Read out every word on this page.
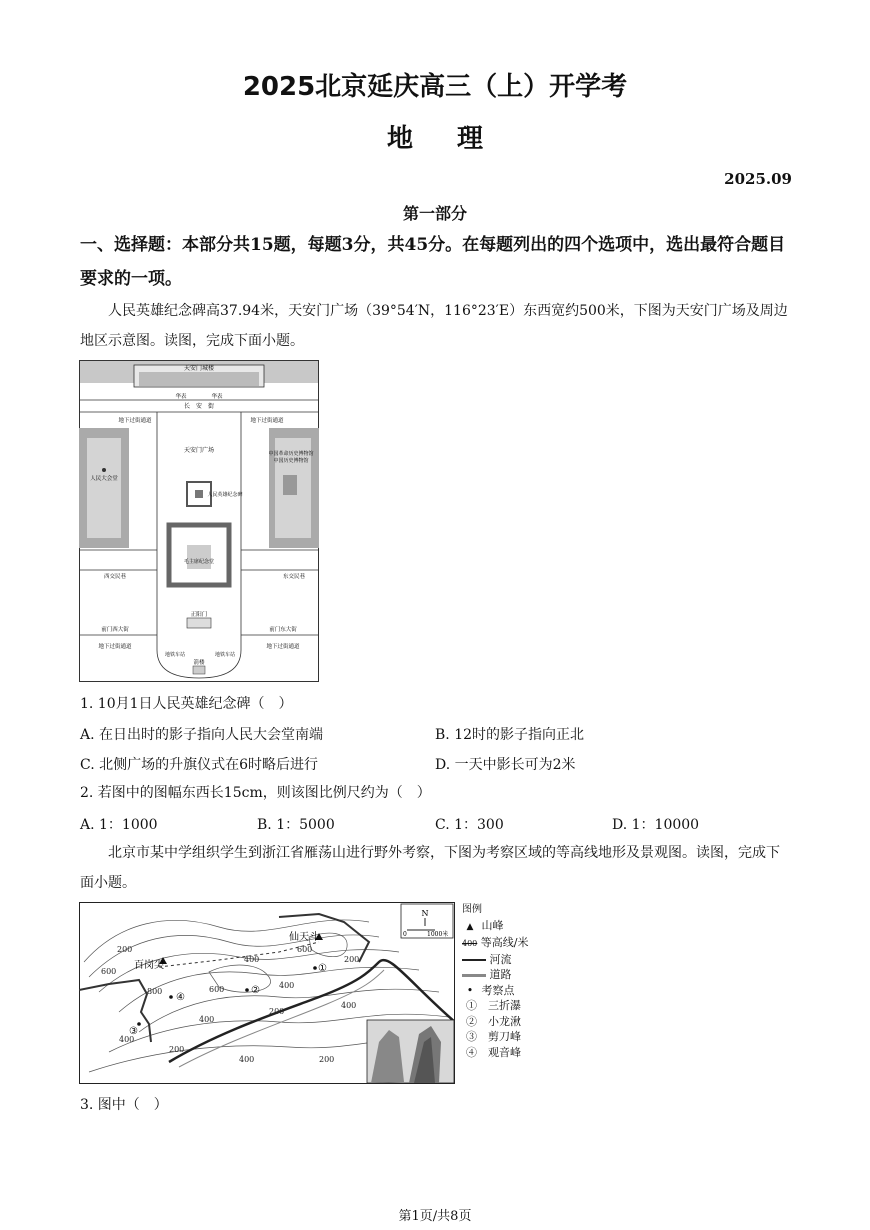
2025北京延庆高三（上）开学考
地理
2025.09
第一部分
一、选择题：本部分共15题，每题3分，共45分。在每题列出的四个选项中，选出最符合题目要求的一项。
人民英雄纪念碑高37.94米，天安门广场（39°54′N，116°23′E）东西宽约500米，下图为天安门广场及周边地区示意图。读图，完成下面小题。
天安门城楼
华表	华表
长　安　街
地下过街通道	地下过街通道
天安门广场
人民大会堂
中国革命历史博物馆
中国历史博物馆
人民英雄纪念碑
毛主席纪念堂
西交民巷	东交民巷
正阳门
前门西大街	前门东大街
地下过街通道	地下过街通道
地铁车站	地铁车站
箭楼
1. 10月1日人民英雄纪念碑（　）
A. 在日出时的影子指向人民大会堂南端	B. 12时的影子指向正北
C. 北侧广场的升旗仪式在6时略后进行	D. 一天中影长可为2米
2. 若图中的图幅东西长15cm，则该图比例尺约为（　）
A. 1：1000	B. 1：5000	C. 1：300	D. 1：10000
北京市某中学组织学生到浙江省雁荡山进行野外考察，下图为考察区域的等高线地形及景观图。读图，完成下面小题。
仙天斗
百岗尖
200
600
400	200
600
800	600	400
200
400
400
400
200
400	200
①
②
③
④
N
0	1000米
图例
▲ 山峰
400 等高线/米
河流
道路
• 考察点
①　三折瀑
②　小龙湫
③　剪刀峰
④　观音峰
3. 图中（　）
第1页/共8页
